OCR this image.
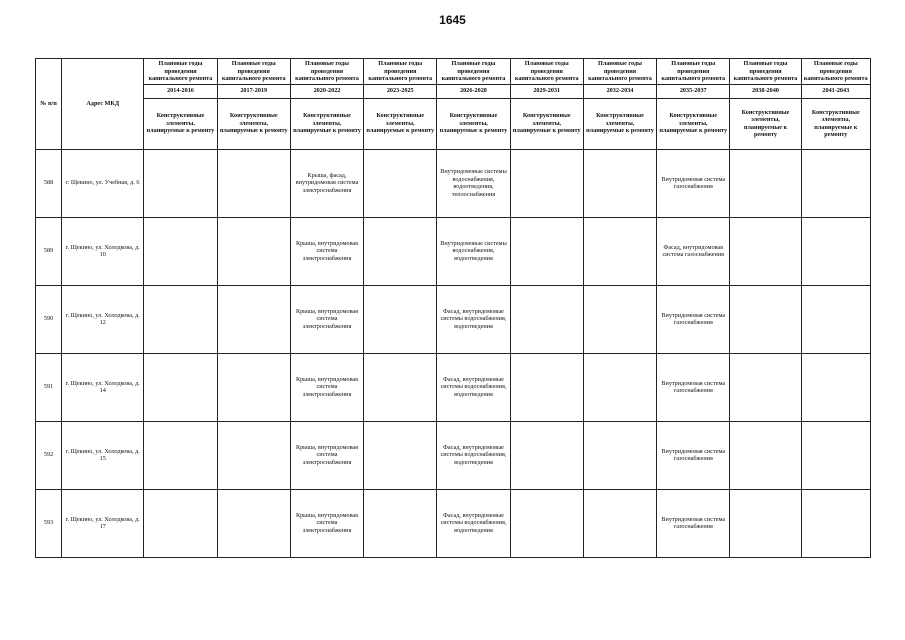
1645
№ п/п	Адрес МКД	Плановые годы проведения капитального ремонта	Плановые годы проведения капитального ремонта	Плановые годы проведения капитального ремонта	Плановые годы проведения капитального ремонта	Плановые годы проведения капитального ремонта	Плановые годы проведения капитального ремонта	Плановые годы проведения капитального ремонта	Плановые годы проведения капитального ремонта	Плановые годы проведения капитального ремонта	Плановые годы проведения капитального ремонта
		2014-2016	2017-2019	2020-2022	2023-2025	2026-2028	2029-2031	2032-2034	2035-2037	2038-2040	2041-2043
		Конструктивные элементы, планируемые к ремонту	Конструктивные элементы, планируемые к ремонту	Конструктивные элементы, планируемые к ремонту	Конструктивные элементы, планируемые к ремонту	Конструктивные элементы, планируемые к ремонту	Конструктивные элементы, планируемые к ремонту	Конструктивные элементы, планируемые к ремонту	Конструктивные элементы, планируемые к ремонту	Конструктивные элементы, планируемые к ремонту	Конструктивные элементы, планируемые к ремонту
588	г. Щекино, ул. Учебная, д. 6			Крыша, фасад, внутридомовая система электроснабжения		Внутридомовые системы водоснабжения, водоотведения, теплоснабжения			Внутридомовая система газоснабжения		
589	г. Щекино, ул. Холодкова, д. 10			Крыша, внутридомовая система электроснабжения		Внутридомовые системы водоснабжения, водоотведения			Фасад, внутридомовая система газоснабжения		
590	г. Щекино, ул. Холодкова, д. 12			Крыша, внутридомовая система электроснабжения		Фасад, внутридомовые системы водоснабжения, водоотведения			Внутридомовая система газоснабжения		
591	г. Щекино, ул. Холодкова, д. 14			Крыша, внутридомовая система электроснабжения		Фасад, внутридомовые системы водоснабжения, водоотведения			Внутридомовая система газоснабжения		
592	г. Щекино, ул. Холодкова, д. 15			Крыша, внутридомовая система электроснабжения		Фасад, внутридомовые системы водоснабжения, водоотведения			Внутридомовая система газоснабжения		
593	г. Щекино, ул. Холодкова, д. 17			Крыша, внутридомовая система электроснабжения		Фасад, внутридомовые системы водоснабжения, водоотведения			Внутридомовая система газоснабжения		
